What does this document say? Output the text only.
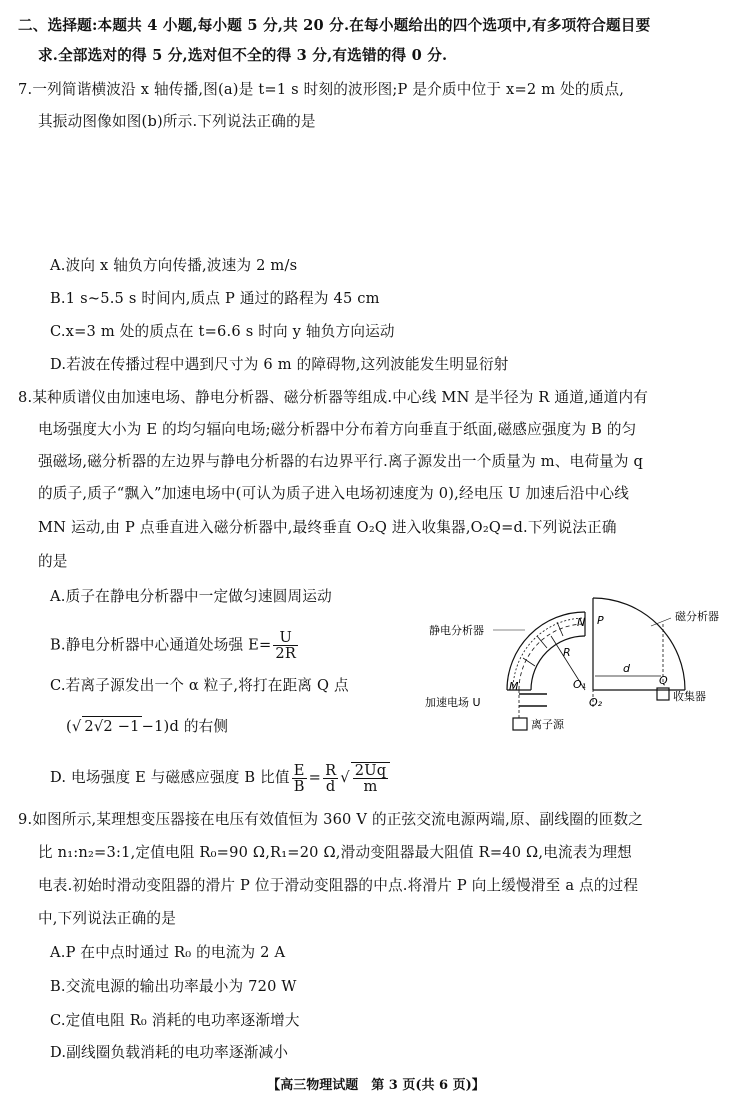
二、选择题:本题共 4 小题,每小题 5 分,共 20 分.在每小题给出的四个选项中,有多项符合题目要
求.全部选对的得 5 分,选对但不全的得 3 分,有选错的得 0 分.
7.一列简谐横波沿 x 轴传播,图(a)是 t=1 s 时刻的波形图;P 是介质中位于 x=2 m 处的质点,
其振动图像如图(b)所示.下列说法正确的是
A.波向 x 轴负方向传播,波速为 2 m/s
B.1 s~5.5 s 时间内,质点 P 通过的路程为 45 cm
C.x=3 m 处的质点在 t=6.6 s 时向 y 轴负方向运动
D.若波在传播过程中遇到尺寸为 6 m 的障碍物,这列波能发生明显衍射
8.某种质谱仪由加速电场、静电分析器、磁分析器等组成.中心线 MN 是半径为 R 通道,通道内有
电场强度大小为 E 的均匀辐向电场;磁分析器中分布着方向垂直于纸面,磁感应强度为 B 的匀
强磁场,磁分析器的左边界与静电分析器的右边界平行.离子源发出一个质量为 m、电荷量为 q
的质子,质子“飘入”加速电场中(可认为质子进入电场初速度为 0),经电压 U 加速后沿中心线
MN 运动,由 P 点垂直进入磁分析器中,最终垂直 O₂Q 进入收集器,O₂Q=d.下列说法正确
的是
A.质子在静电分析器中一定做匀速圆周运动
B.静电分析器中心通道处场强 $E= \frac{U}{2R}$
C.若离子源发出一个 α 粒子,将打在距离 Q 点
(√ 2√2 −1 −1)d 的右侧
D. 电场强度 E 与磁感应强度 B 比值 $\frac{E}{B} = \frac{R}{d}$ √ $\frac{2Uq}{m}$
静电分析器
磁分析器
加速电场 U
离子源
收集器
N P
R
M	O₁
O₂
d
Q
9.如图所示,某理想变压器接在电压有效值恒为 360 V 的正弦交流电源两端,原、副线圈的匝数之
比 n₁:n₂=3:1,定值电阻 R₀=90 Ω,R₁=20 Ω,滑动变阻器最大阻值 R=40 Ω,电流表为理想
电表.初始时滑动变阻器的滑片 P 位于滑动变阻器的中点.将滑片 P 向上缓慢滑至 a 点的过程
中,下列说法正确的是
A.P 在中点时通过 R₀ 的电流为 2 A
B.交流电源的输出功率最小为 720 W
C.定值电阻 R₀ 消耗的电功率逐渐增大
D.副线圈负载消耗的电功率逐渐减小
【高三物理试题　第 3 页(共 6 页)】
